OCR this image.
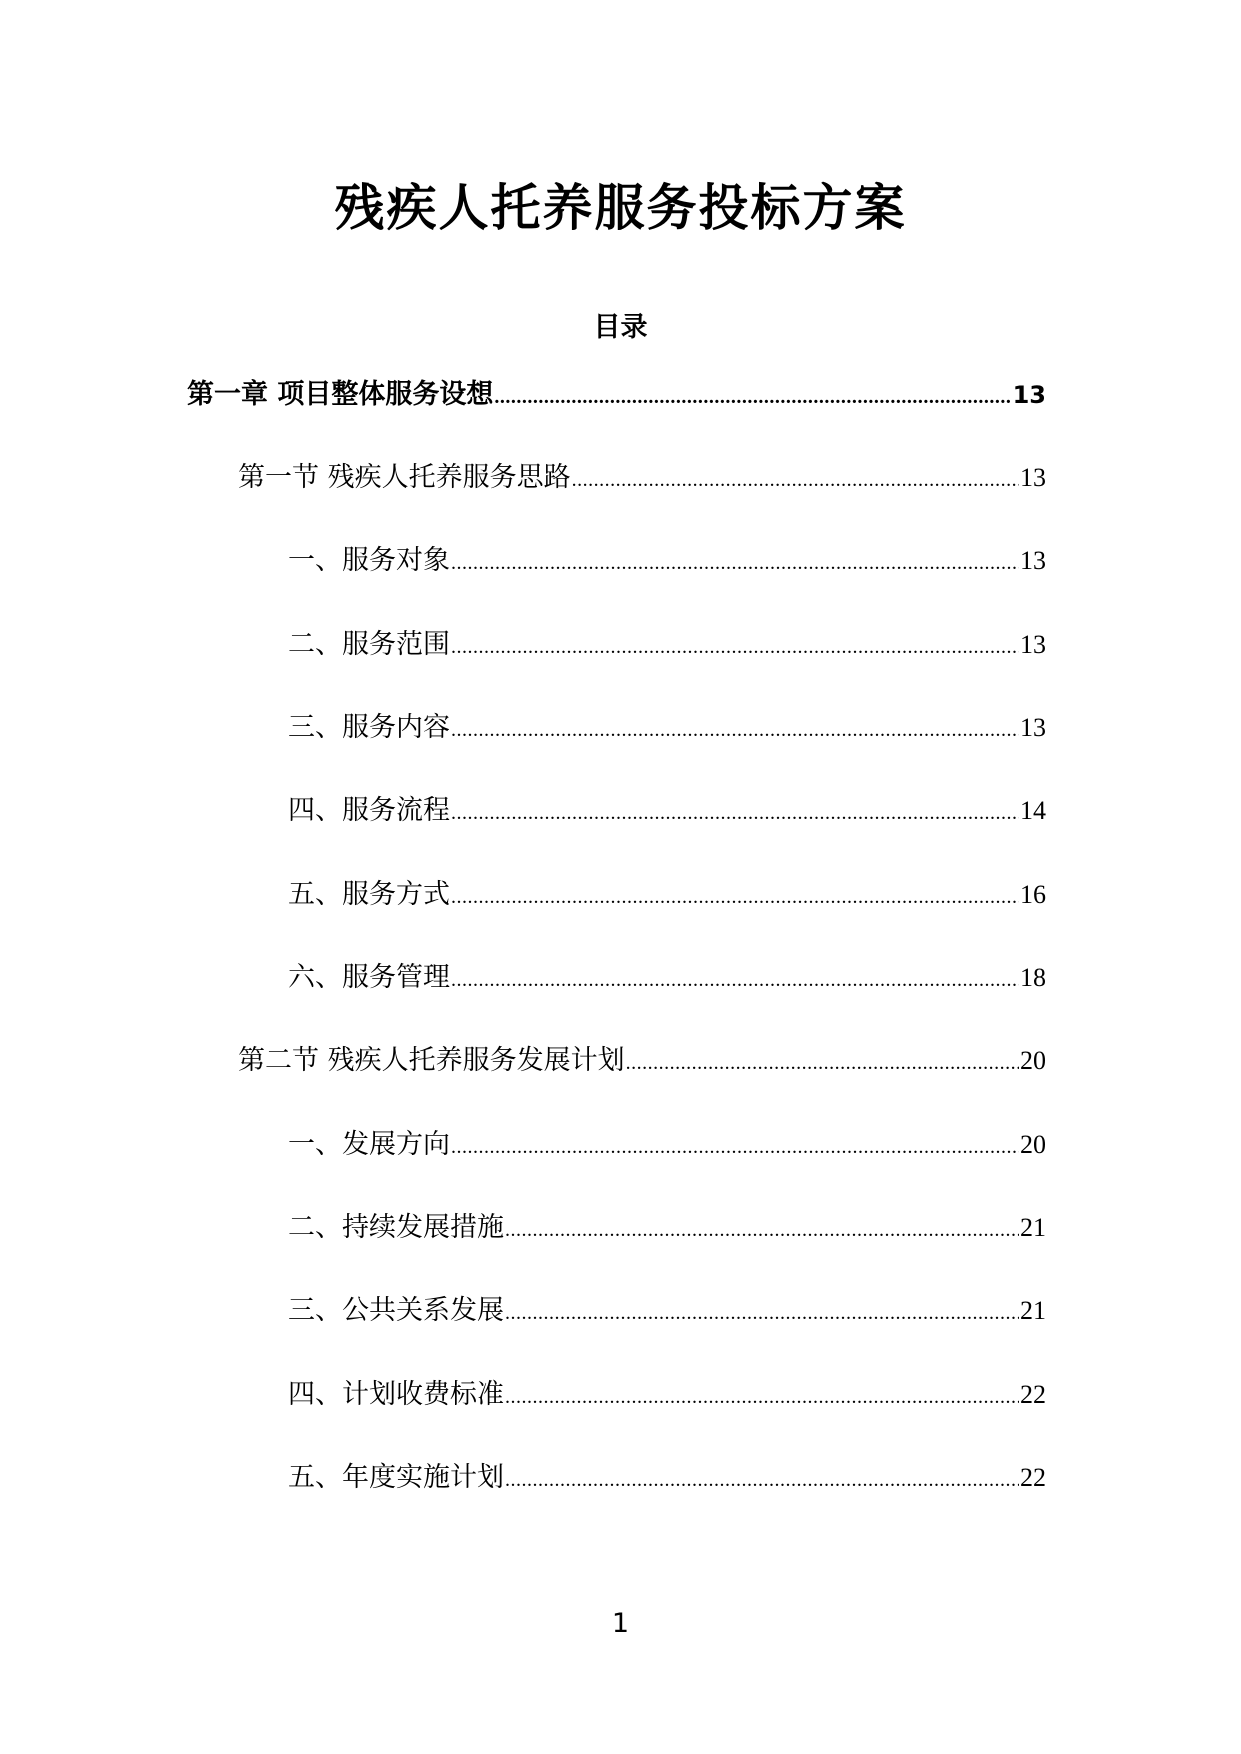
残疾人托养服务投标方案
目录
第一章 项目整体服务设想 .....	13
第一节 残疾人托养服务思路 .....	13
一、服务对象 .....	13
二、服务范围 .....	13
三、服务内容 .....	13
四、服务流程 .....	14
五、服务方式 .....	16
六、服务管理 .....	18
第二节 残疾人托养服务发展计划 .....	20
一、发展方向 .....	20
二、持续发展措施 .....	21
三、公共关系发展 .....	21
四、计划收费标准 .....	22
五、年度实施计划 .....	22
1
